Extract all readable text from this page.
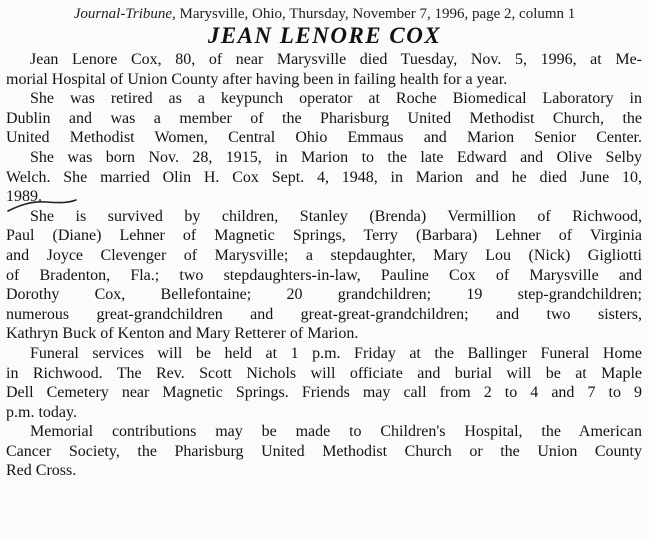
Journal-Tribune, Marysville, Ohio, Thursday, November 7, 1996, page 2, column 1
JEAN LENORE COX
Jean Lenore Cox, 80, of near Marysville died Tuesday, Nov. 5, 1996, at Me-
morial Hospital of Union County after having been in failing health for a year.
She was retired as a keypunch operator at Roche Biomedical Laboratory in
Dublin and was a member of the Pharisburg United Methodist Church, the
United Methodist Women, Central Ohio Emmaus and Marion Senior Center.
She was born Nov. 28, 1915, in Marion to the late Edward and Olive Selby
Welch. She married Olin H. Cox Sept. 4, 1948, in Marion and he died June 10,
1989.
She is survived by children, Stanley (Brenda) Vermillion of Richwood,
Paul (Diane) Lehner of Magnetic Springs, Terry (Barbara) Lehner of Virginia
and Joyce Clevenger of Marysville; a stepdaughter, Mary Lou (Nick) Gigliotti
of Bradenton, Fla.; two stepdaughters-in-law, Pauline Cox of Marysville and
Dorothy Cox, Bellefontaine; 20 grandchildren; 19 step-grandchildren;
numerous great-grandchildren and great-great-grandchildren; and two sisters,
Kathryn Buck of Kenton and Mary Retterer of Marion.
Funeral services will be held at 1 p.m. Friday at the Ballinger Funeral Home
in Richwood. The Rev. Scott Nichols will officiate and burial will be at Maple
Dell Cemetery near Magnetic Springs. Friends may call from 2 to 4 and 7 to 9
p.m. today.
Memorial contributions may be made to Children's Hospital, the American
Cancer Society, the Pharisburg United Methodist Church or the Union County
Red Cross.
